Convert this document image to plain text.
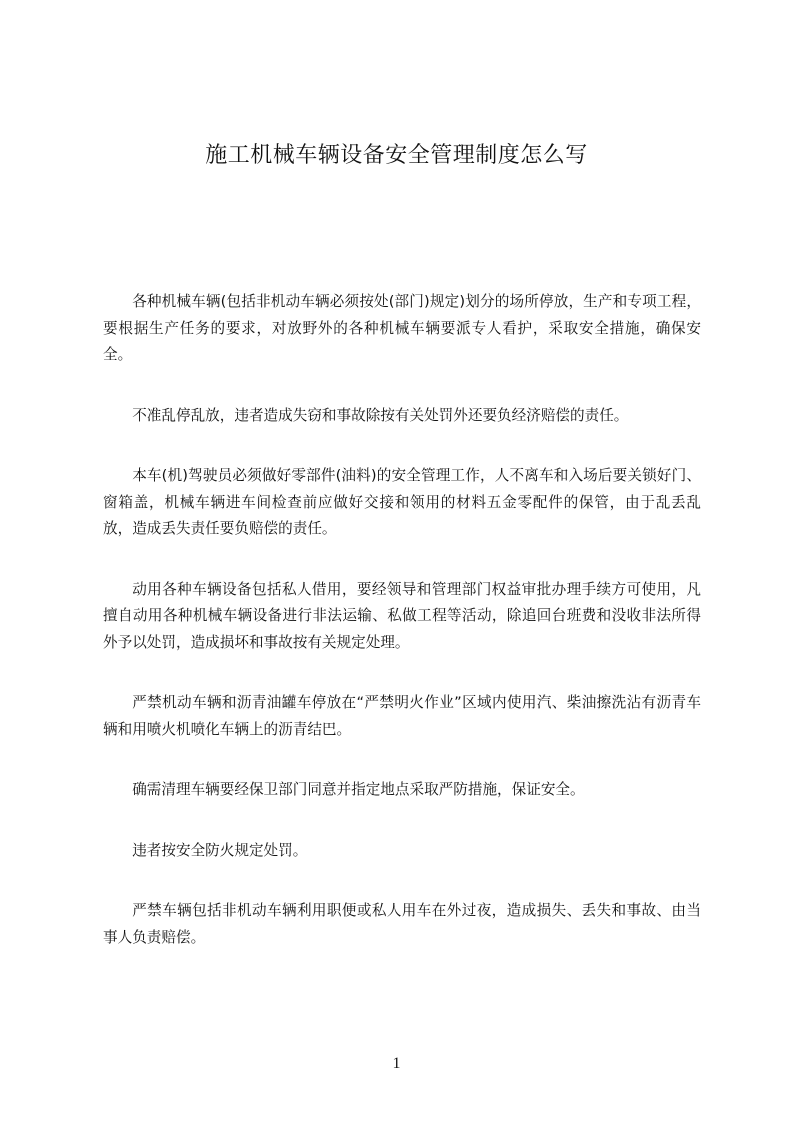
施工机械车辆设备安全管理制度怎么写

各种机械车辆(包括非机动车辆必须按处(部门)规定)划分的场所停放，生产和专项工程，要根据生产任务的要求，对放野外的各种机械车辆要派专人看护，采取安全措施，确保安全。

不准乱停乱放，违者造成失窃和事故除按有关处罚外还要负经济赔偿的责任。

本车(机)驾驶员必须做好零部件(油料)的安全管理工作，人不离车和入场后要关锁好门、窗箱盖，机械车辆进车间检查前应做好交接和领用的材料五金零配件的保管，由于乱丢乱放，造成丢失责任要负赔偿的责任。

动用各种车辆设备包括私人借用，要经领导和管理部门权益审批办理手续方可使用，凡擅自动用各种机械车辆设备进行非法运输、私做工程等活动，除追回台班费和没收非法所得外予以处罚，造成损坏和事故按有关规定处理。

严禁机动车辆和沥青油罐车停放在“严禁明火作业”区域内使用汽、柴油擦洗沾有沥青车辆和用喷火机喷化车辆上的沥青结巴。

确需清理车辆要经保卫部门同意并指定地点采取严防措施，保证安全。

违者按安全防火规定处罚。

严禁车辆包括非机动车辆利用职便或私人用车在外过夜，造成损失、丢失和事故、由当事人负责赔偿。

1
